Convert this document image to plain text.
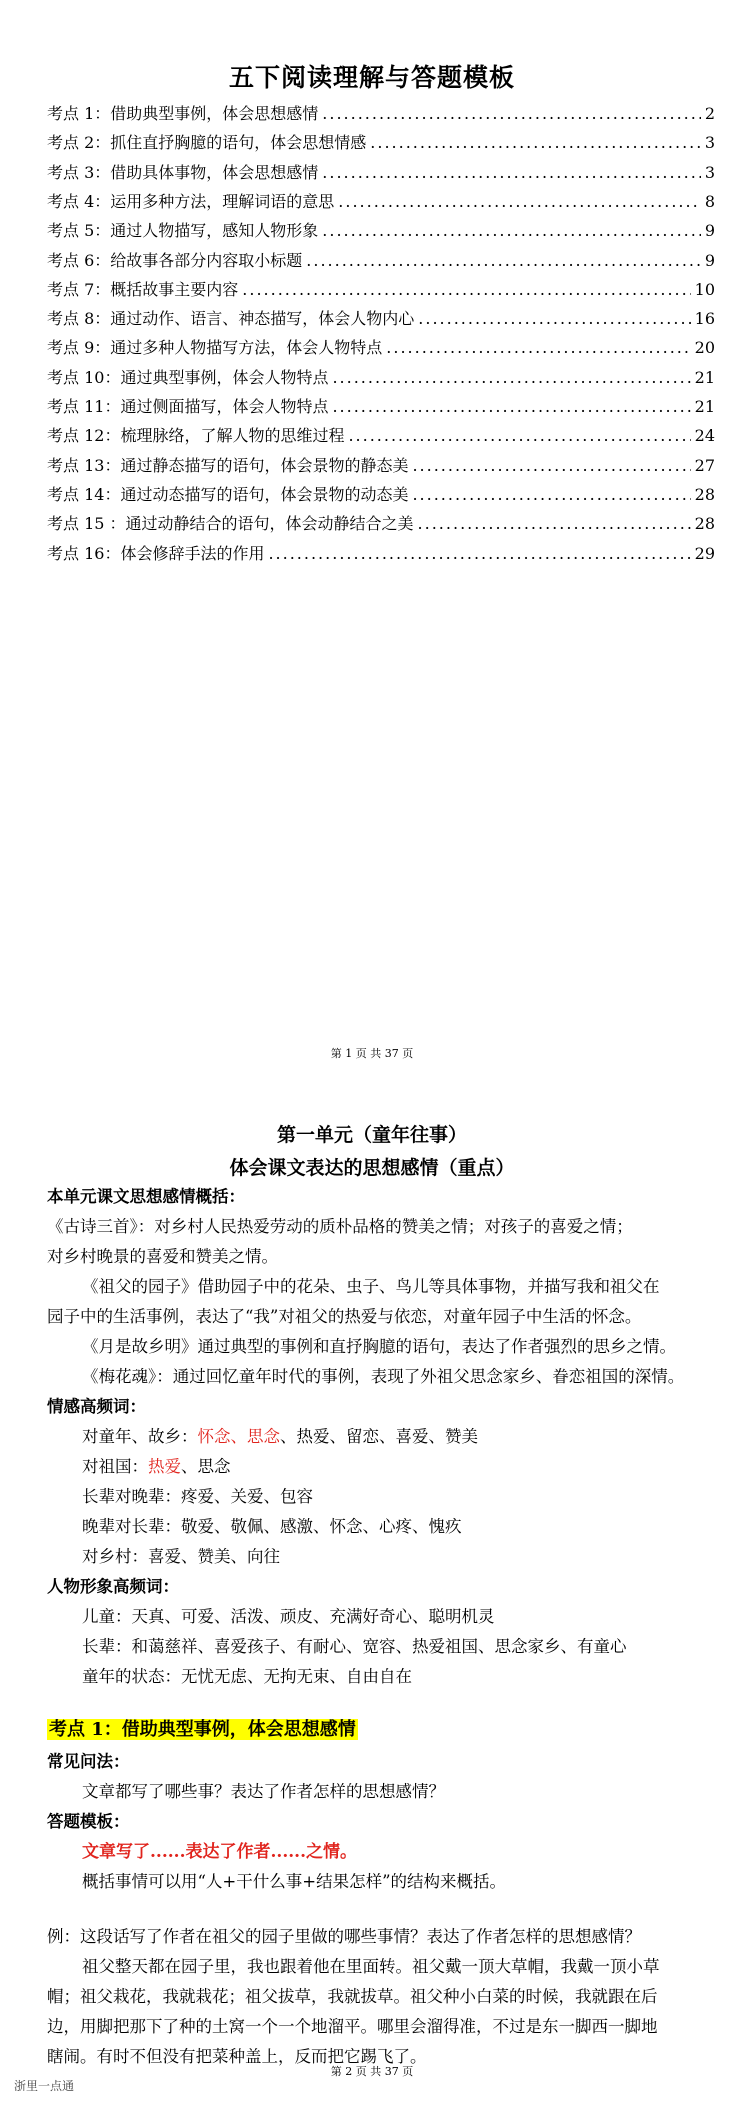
五下阅读理解与答题模板
考点 1：借助典型事例，体会思想感情 .....	2
考点 2：抓住直抒胸臆的语句，体会思想情感 .....	3
考点 3：借助具体事物，体会思想感情 .....	3
考点 4：运用多种方法，理解词语的意思 .....	8
考点 5：通过人物描写，感知人物形象 .....	9
考点 6：给故事各部分内容取小标题 .....	9
考点 7：概括故事主要内容 .....	10
考点 8：通过动作、语言、神态描写，体会人物内心 .....	16
考点 9：通过多种人物描写方法，体会人物特点 .....	20
考点 10：通过典型事例，体会人物特点 .....	21
考点 11：通过侧面描写，体会人物特点 .....	21
考点 12：梳理脉络，了解人物的思维过程 .....	24
考点 13：通过静态描写的语句，体会景物的静态美 .....	27
考点 14：通过动态描写的语句，体会景物的动态美 .....	28
考点 15 ：通过动静结合的语句，体会动静结合之美 .....	28
考点 16：体会修辞手法的作用 .....	29
第 1 页 共 37 页
第一单元（童年往事）
体会课文表达的思想感情（重点）
本单元课文思想感情概括：
《古诗三首》：对乡村人民热爱劳动的质朴品格的赞美之情；对孩子的喜爱之情；
对乡村晚景的喜爱和赞美之情。
《祖父的园子》借助园子中的花朵、虫子、鸟儿等具体事物，并描写我和祖父在
园子中的生活事例，表达了“我”对祖父的热爱与依恋，对童年园子中生活的怀念。
《月是故乡明》通过典型的事例和直抒胸臆的语句，表达了作者强烈的思乡之情。
《梅花魂》：通过回忆童年时代的事例，表现了外祖父思念家乡、眷恋祖国的深情。
情感高频词：
对童年、故乡：怀念、思念、热爱、留恋、喜爱、赞美
对祖国：热爱、思念
长辈对晚辈：疼爱、关爱、包容
晚辈对长辈：敬爱、敬佩、感激、怀念、心疼、愧疚
对乡村：喜爱、赞美、向往
人物形象高频词：
儿童：天真、可爱、活泼、顽皮、充满好奇心、聪明机灵
长辈：和蔼慈祥、喜爱孩子、有耐心、宽容、热爱祖国、思念家乡、有童心
童年的状态：无忧无虑、无拘无束、自由自在
考点 1：借助典型事例，体会思想感情
常见问法：
文章都写了哪些事？表达了作者怎样的思想感情？
答题模板：
文章写了......表达了作者......之情。
概括事情可以用“人+干什么事+结果怎样”的结构来概括。
例：这段话写了作者在祖父的园子里做的哪些事情？表达了作者怎样的思想感情？
祖父整天都在园子里，我也跟着他在里面转。祖父戴一顶大草帽，我戴一顶小草
帽；祖父栽花，我就栽花；祖父拔草，我就拔草。祖父种小白菜的时候，我就跟在后
边，用脚把那下了种的土窝一个一个地溜平。哪里会溜得准，不过是东一脚西一脚地
瞎闹。有时不但没有把菜种盖上，反而把它踢飞了。
第 2 页 共 37 页
浙里一点通
